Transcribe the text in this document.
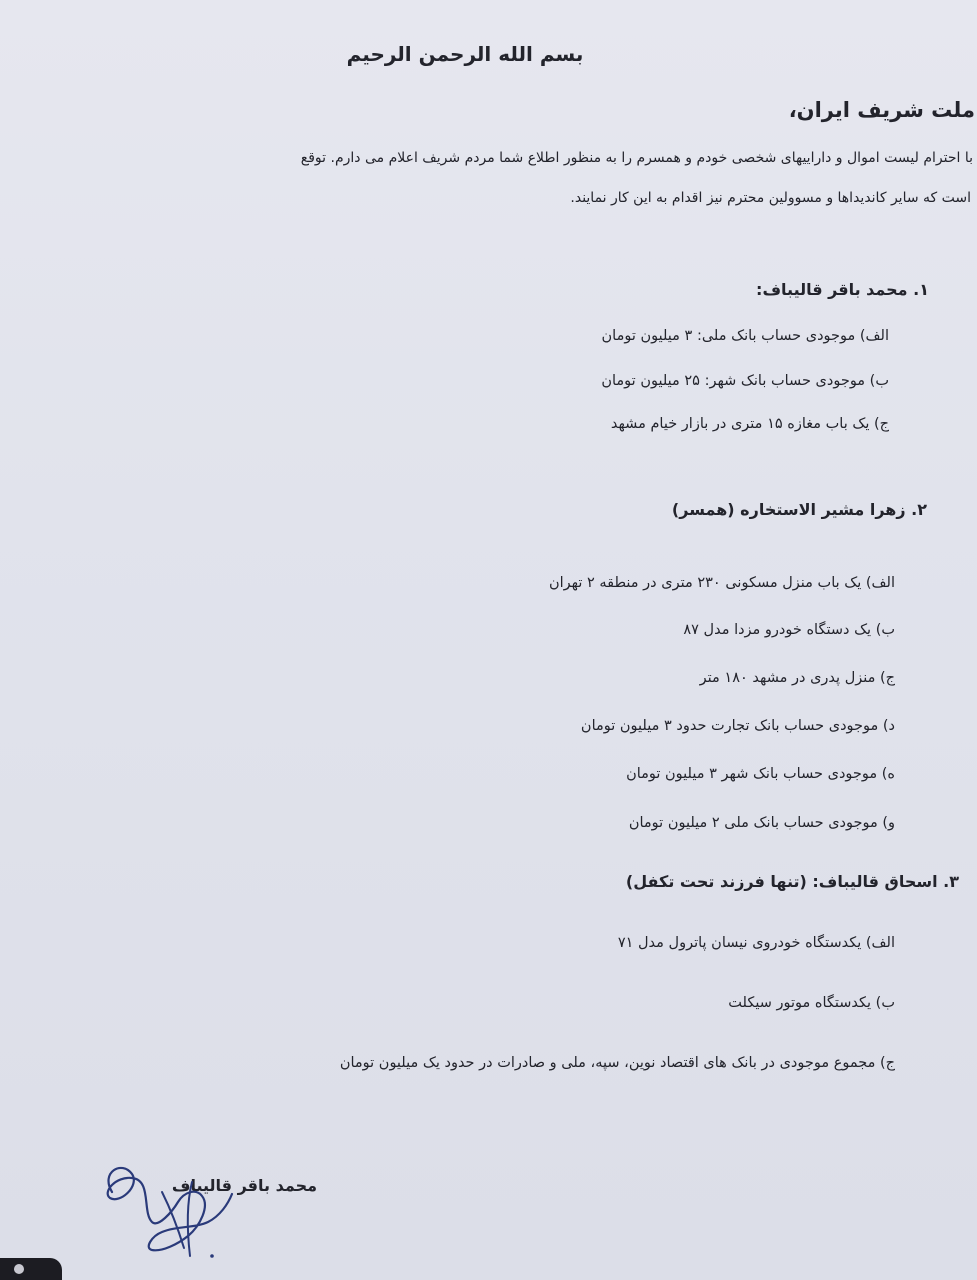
بسم الله الرحمن الرحیم
ملت شریف ایران،
با احترام لیست اموال و داراییهای شخصی خودم و همسرم را به منظور اطلاع شما مردم شریف اعلام می دارم. توقع
است که سایر کاندیداها و مسوولین محترم نیز اقدام به این کار نمایند.
۱. محمد باقر قالیباف:
الف) موجودی حساب بانک ملی: ۳ میلیون تومان
ب) موجودی حساب بانک شهر: ۲۵ میلیون تومان
ج) یک باب مغازه ۱۵ متری در بازار خیام مشهد
۲. زهرا مشیر الاستخاره (همسر)
الف) یک باب منزل مسکونی ۲۳۰ متری در منطقه ۲ تهران
ب) یک دستگاه خودرو مزدا مدل ۸۷
ج) منزل پدری در مشهد ۱۸۰ متر
د) موجودی حساب بانک تجارت حدود ۳ میلیون تومان
ه) موجودی حساب بانک شهر ۳ میلیون تومان
و) موجودی حساب بانک ملی ۲ میلیون تومان
۳. اسحاق قالیباف: (تنها فرزند تحت تکفل)
الف) یکدستگاه خودروی نیسان پاترول مدل ۷۱
ب) یکدستگاه موتور سیکلت
ج) مجموع موجودی در بانک های اقتصاد نوین، سپه، ملی و صادرات در حدود یک میلیون تومان
محمد باقر قالیباف
